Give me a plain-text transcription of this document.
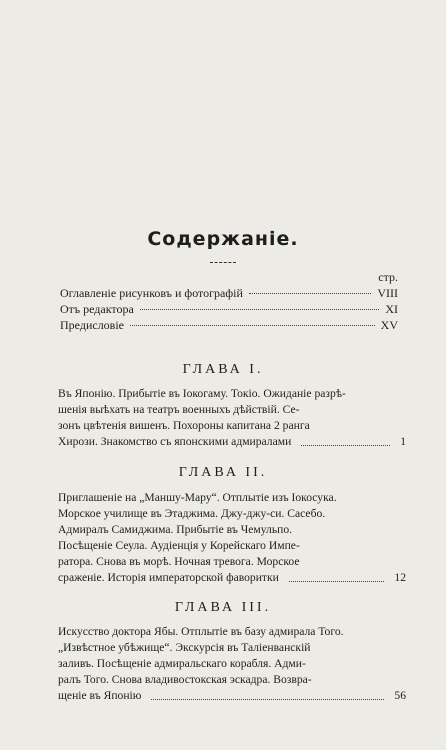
Содержаніе.
стр.
Оглавленіе рисунковъ и фотографій	VIII
Отъ редактора	XI
Предисловіе	XV
ГЛАВА I.
Въ Японію. Прибытіе въ Іокогаму. Токіо. Ожиданіе разрѣ-
шенія выѣхать на театръ военныхъ дѣйствій. Се-
зонъ цвѣтенія вишенъ. Похороны капитана 2 ранга
Хирози. Знакомство съ японскими адмиралами	1
ГЛАВА II.
Приглашеніе на „Маншу-Мару“. Отплытіе изъ Іокосука.
Морское училище въ Этаджима. Джу-джу-си. Сасебо.
Адмиралъ Самиджима. Прибытіе въ Чемульпо.
Посѣщеніе Сеула. Аудіенція у Корейскаго Импе-
ратора. Снова въ морѣ. Ночная тревога. Морское
сраженіе. Исторія императорской фаворитки	12
ГЛАВА III.
Искусство доктора Ябы. Отплытіе въ базу адмирала Того.
„Извѣстное убѣжище“. Экскурсія въ Таліенванскій
заливъ. Посѣщеніе адмиральскаго корабля. Адми-
ралъ Того. Снова владивостокская эскадра. Возвра-
щеніе въ Японію	56
